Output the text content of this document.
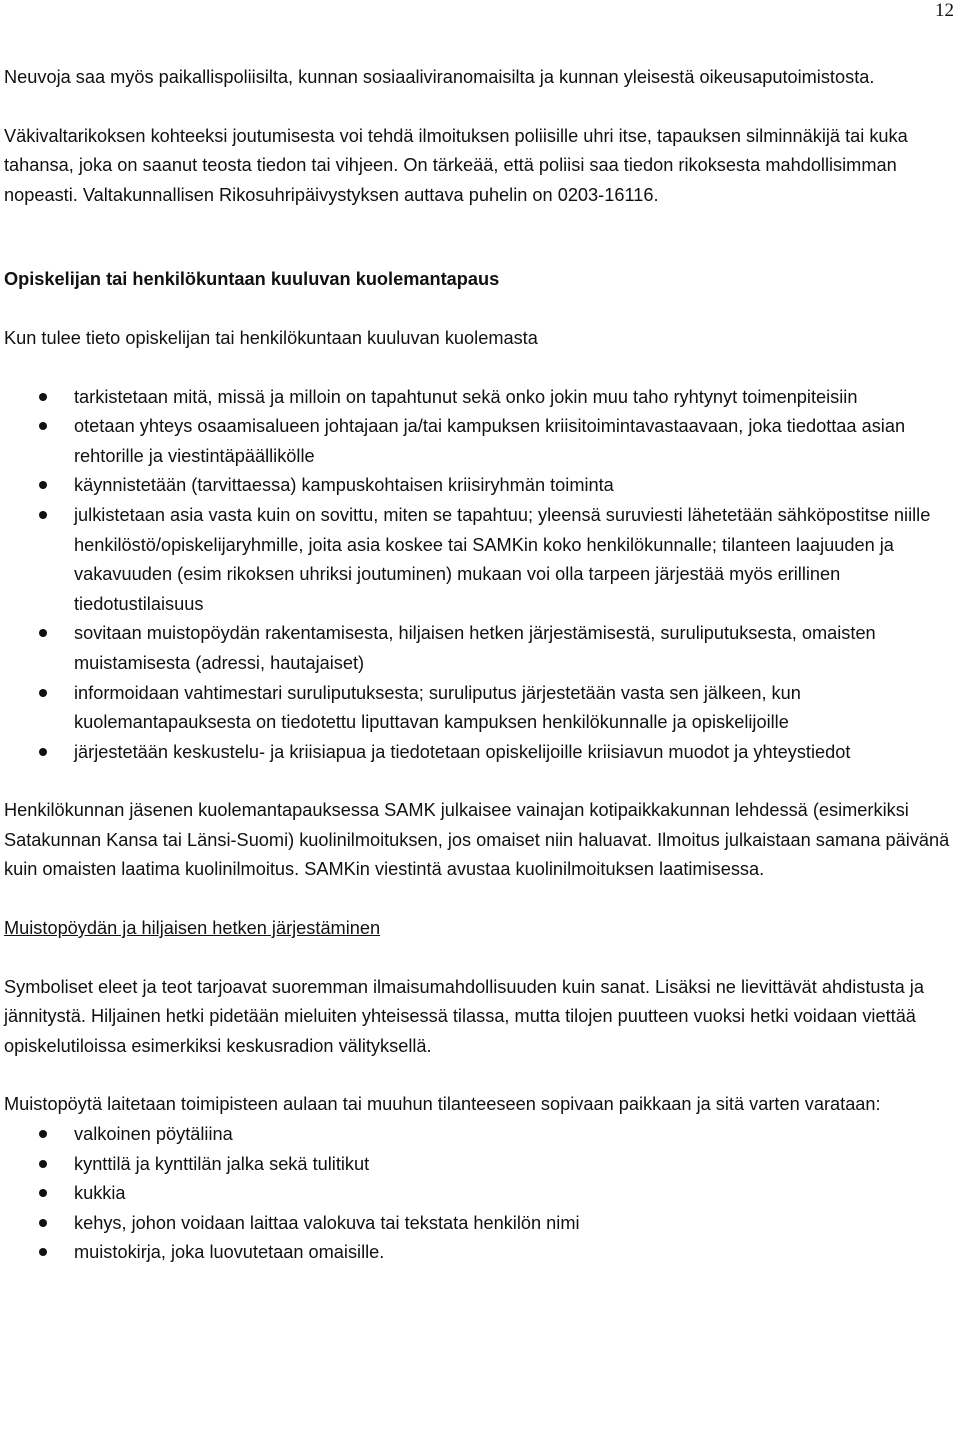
12

Neuvoja saa myös paikallispoliisilta, kunnan sosiaaliviranomaisilta ja kunnan yleisestä oikeusaputoimistosta.

Väkivaltarikoksen kohteeksi joutumisesta voi tehdä ilmoituksen poliisille uhri itse, tapauksen silminnäkijä tai kuka tahansa, joka on saanut teosta tiedon tai vihjeen. On tärkeää, että poliisi saa tiedon rikoksesta mahdollisimman nopeasti. Valtakunnallisen Rikosuhripäivystyksen auttava puhelin on 0203-16116.

Opiskelijan tai henkilökuntaan kuuluvan kuolemantapaus

Kun tulee tieto opiskelijan tai henkilökuntaan kuuluvan kuolemasta

tarkistetaan mitä, missä ja milloin on tapahtunut sekä onko jokin muu taho ryhtynyt toimenpiteisiin
otetaan yhteys osaamisalueen johtajaan ja/tai kampuksen kriisitoimintavastaavaan, joka tiedottaa asian rehtorille ja viestintäpäällikölle
käynnistetään (tarvittaessa) kampuskohtaisen kriisiryhmän toiminta
julkistetaan asia vasta kuin on sovittu, miten se tapahtuu; yleensä suruviesti lähetetään sähköpostitse niille henkilöstö/opiskelijaryhmille, joita asia koskee tai SAMKin koko henkilökunnalle; tilanteen laajuuden ja vakavuuden (esim rikoksen uhriksi joutuminen) mukaan voi olla tarpeen järjestää myös erillinen tiedotustilaisuus
sovitaan muistopöydän rakentamisesta, hiljaisen hetken järjestämisestä, suruliputuksesta, omaisten muistamisesta (adressi, hautajaiset)
informoidaan vahtimestari suruliputuksesta; suruliputus järjestetään vasta sen jälkeen, kun kuolemantapauksesta on tiedotettu liputtavan kampuksen henkilökunnalle ja opiskelijoille
järjestetään keskustelu- ja kriisiapua ja tiedotetaan opiskelijoille kriisiavun muodot ja yhteystiedot

Henkilökunnan jäsenen kuolemantapauksessa SAMK julkaisee vainajan kotipaikkakunnan lehdessä (esimerkiksi Satakunnan Kansa tai Länsi-Suomi) kuolinilmoituksen, jos omaiset niin haluavat. Ilmoitus julkaistaan samana päivänä kuin omaisten laatima kuolinilmoitus. SAMKin viestintä avustaa kuolinilmoituksen laatimisessa.

Muistopöydän ja hiljaisen hetken järjestäminen

Symboliset eleet ja teot tarjoavat suoremman ilmaisumahdollisuuden kuin sanat. Lisäksi ne lievittävät ahdistusta ja jännitystä. Hiljainen hetki pidetään mieluiten yhteisessä tilassa, mutta tilojen puutteen vuoksi hetki voidaan viettää opiskelutiloissa esimerkiksi keskusradion välityksellä.

Muistopöytä laitetaan toimipisteen aulaan tai muuhun tilanteeseen sopivaan paikkaan ja sitä varten varataan:

valkoinen pöytäliina
kynttilä ja kynttilän jalka sekä tulitikut
kukkia
kehys, johon voidaan laittaa valokuva tai tekstata henkilön nimi
muistokirja, joka luovutetaan omaisille.
